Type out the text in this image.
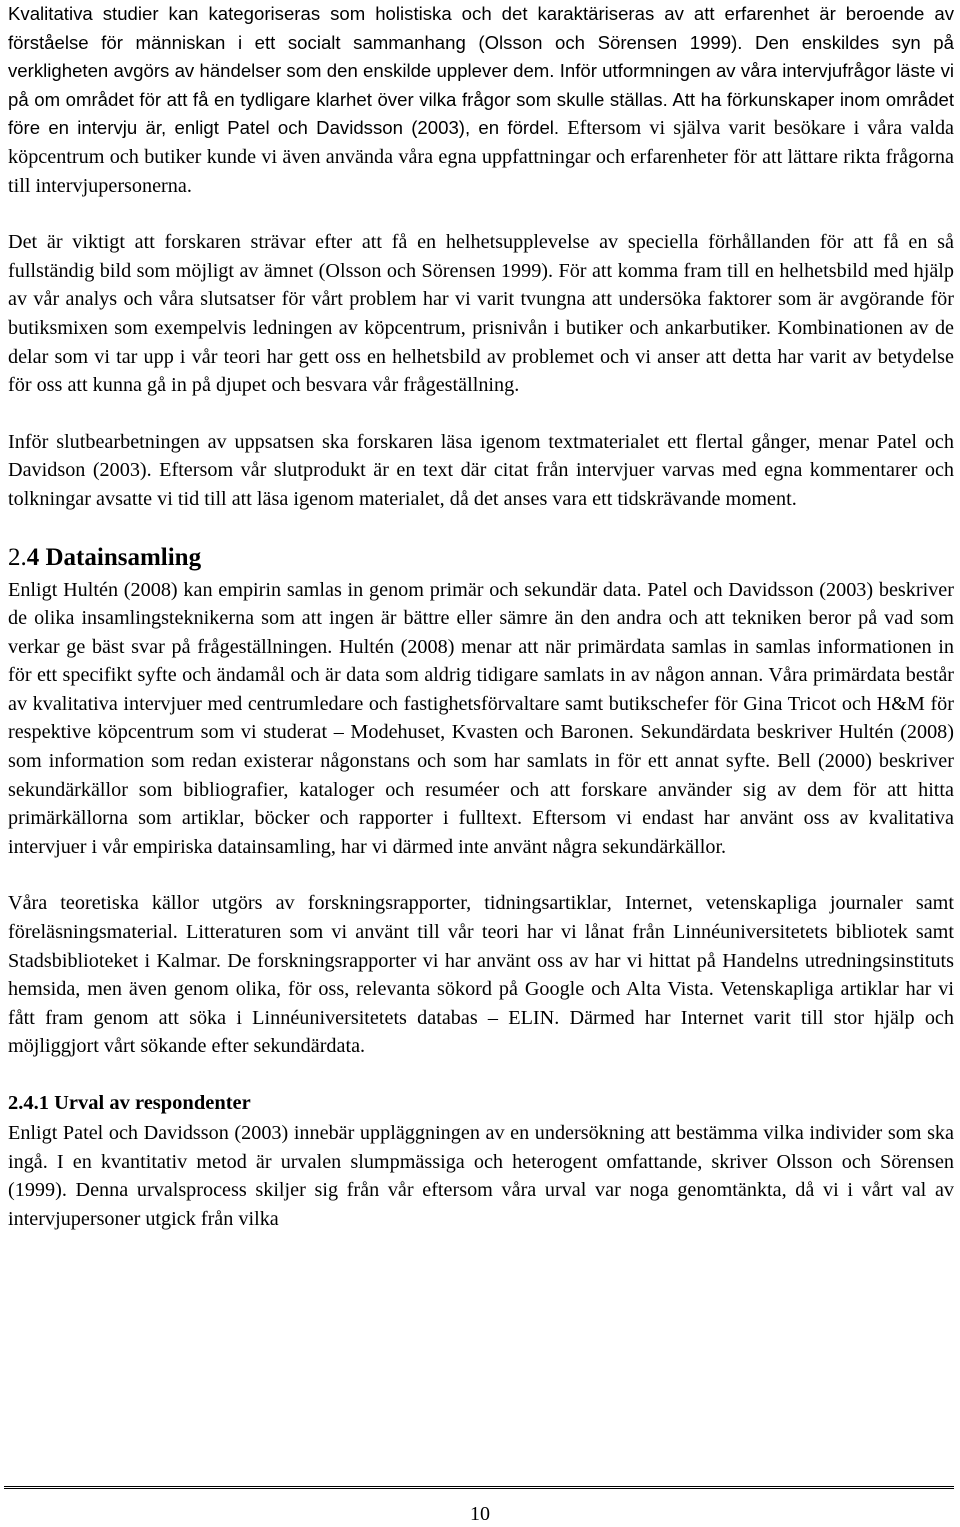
Kvalitativa studier kan kategoriseras som holistiska och det karaktäriseras av att erfarenhet är beroende av förståelse för människan i ett socialt sammanhang (Olsson och Sörensen 1999). Den enskildes syn på verkligheten avgörs av händelser som den enskilde upplever dem. Inför utformningen av våra intervjufrågor läste vi på om området för att få en tydligare klarhet över vilka frågor som skulle ställas. Att ha förkunskaper inom området före en intervju är, enligt Patel och Davidsson (2003), en fördel. Eftersom vi själva varit besökare i våra valda köpcentrum och butiker kunde vi även använda våra egna uppfattningar och erfarenheter för att lättare rikta frågorna till intervjupersonerna.

Det är viktigt att forskaren strävar efter att få en helhetsupplevelse av speciella förhållanden för att få en så fullständig bild som möjligt av ämnet (Olsson och Sörensen 1999). För att komma fram till en helhetsbild med hjälp av vår analys och våra slutsatser för vårt problem har vi varit tvungna att undersöka faktorer som är avgörande för butiksmixen som exempelvis ledningen av köpcentrum, prisnivån i butiker och ankarbutiker. Kombinationen av de delar som vi tar upp i vår teori har gett oss en helhetsbild av problemet och vi anser att detta har varit av betydelse för oss att kunna gå in på djupet och besvara vår frågeställning.

Inför slutbearbetningen av uppsatsen ska forskaren läsa igenom textmaterialet ett flertal gånger, menar Patel och Davidson (2003). Eftersom vår slutprodukt är en text där citat från intervjuer varvas med egna kommentarer och tolkningar avsatte vi tid till att läsa igenom materialet, då det anses vara ett tidskrävande moment.

2.4 Datainsamling

Enligt Hultén (2008) kan empirin samlas in genom primär och sekundär data. Patel och Davidsson (2003) beskriver de olika insamlingsteknikerna som att ingen är bättre eller sämre än den andra och att tekniken beror på vad som verkar ge bäst svar på frågeställningen. Hultén (2008) menar att när primärdata samlas in samlas informationen in för ett specifikt syfte och ändamål och är data som aldrig tidigare samlats in av någon annan. Våra primärdata består av kvalitativa intervjuer med centrumledare och fastighetsförvaltare samt butikschefer för Gina Tricot och H&M för respektive köpcentrum som vi studerat – Modehuset, Kvasten och Baronen. Sekundärdata beskriver Hultén (2008) som information som redan existerar någonstans och som har samlats in för ett annat syfte. Bell (2000) beskriver sekundärkällor som bibliografier, kataloger och resuméer och att forskare använder sig av dem för att hitta primärkällorna som artiklar, böcker och rapporter i fulltext. Eftersom vi endast har använt oss av kvalitativa intervjuer i vår empiriska datainsamling, har vi därmed inte använt några sekundärkällor.

Våra teoretiska källor utgörs av forskningsrapporter, tidningsartiklar, Internet, vetenskapliga journaler samt föreläsningsmaterial. Litteraturen som vi använt till vår teori har vi lånat från Linnéuniversitetets bibliotek samt Stadsbiblioteket i Kalmar. De forskningsrapporter vi har använt oss av har vi hittat på Handelns utredningsinstituts hemsida, men även genom olika, för oss, relevanta sökord på Google och Alta Vista. Vetenskapliga artiklar har vi fått fram genom att söka i Linnéuniversitetets databas – ELIN. Därmed har Internet varit till stor hjälp och möjliggjort vårt sökande efter sekundärdata.

2.4.1 Urval av respondenter

Enligt Patel och Davidsson (2003) innebär uppläggningen av en undersökning att bestämma vilka individer som ska ingå. I en kvantitativ metod är urvalen slumpmässiga och heterogent omfattande, skriver Olsson och Sörensen (1999). Denna urvalsprocess skiljer sig från vår eftersom våra urval var noga genomtänkta, då vi i vårt val av intervjupersoner utgick från vilka

10
